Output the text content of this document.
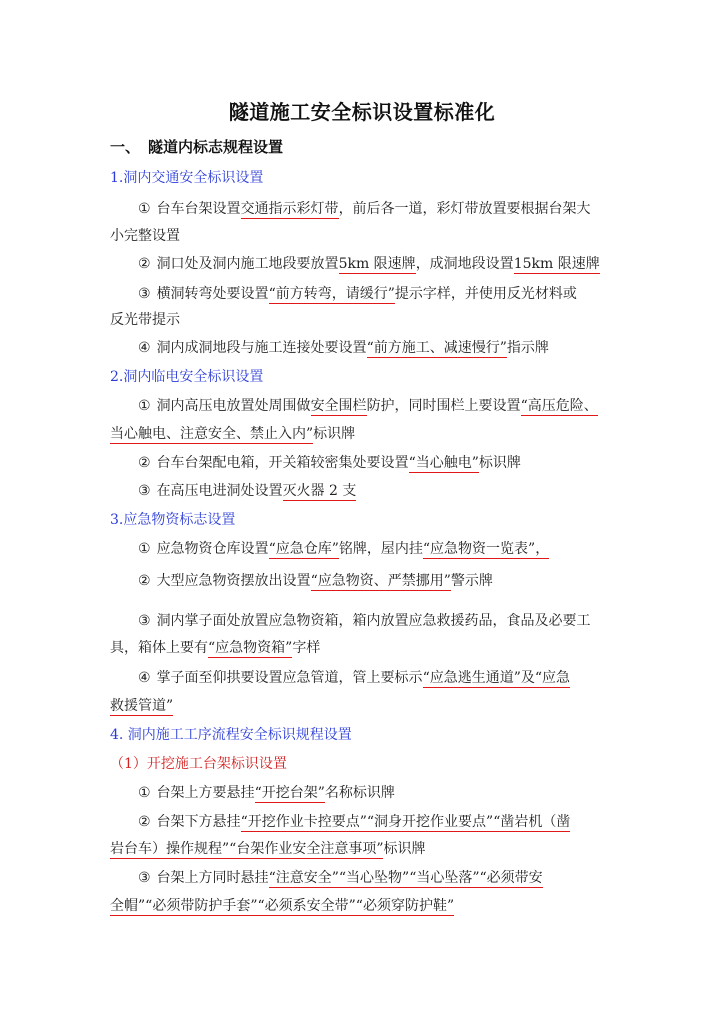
隧道施工安全标识设置标准化
一、 隧道内标志规程设置
1.洞内交通安全标识设置
① 台车台架设置交通指示彩灯带，前后各一道，彩灯带放置要根据台架大
小完整设置
② 洞口处及洞内施工地段要放置5km 限速牌，成洞地段设置15km 限速牌
③ 横洞转弯处要设置“前方转弯，请缓行”提示字样，并使用反光材料或
反光带提示
④ 洞内成洞地段与施工连接处要设置“前方施工、减速慢行”指示牌
2.洞内临电安全标识设置
① 洞内高压电放置处周围做安全围栏防护，同时围栏上要设置“高压危险、
当心触电、注意安全、禁止入内”标识牌
② 台车台架配电箱，开关箱较密集处要设置“当心触电”标识牌
③ 在高压电进洞处设置灭火器 2 支
3.应急物资标志设置
① 应急物资仓库设置“应急仓库”铭牌，屋内挂“应急物资一览表”，
② 大型应急物资摆放出设置“应急物资、严禁挪用”警示牌
③ 洞内掌子面处放置应急物资箱，箱内放置应急救援药品，食品及必要工
具，箱体上要有“应急物资箱”字样
④ 掌子面至仰拱要设置应急管道，管上要标示“应急逃生通道”及“应急
救援管道”
4. 洞内施工工序流程安全标识规程设置
（1）开挖施工台架标识设置
① 台架上方要悬挂“开挖台架”名称标识牌
② 台架下方悬挂“开挖作业卡控要点”“洞身开挖作业要点”“凿岩机（凿
岩台车）操作规程”“台架作业安全注意事项”标识牌
③ 台架上方同时悬挂“注意安全”“当心坠物”“当心坠落”“必须带安
全帽”“必须带防护手套”“必须系安全带”“必须穿防护鞋”
